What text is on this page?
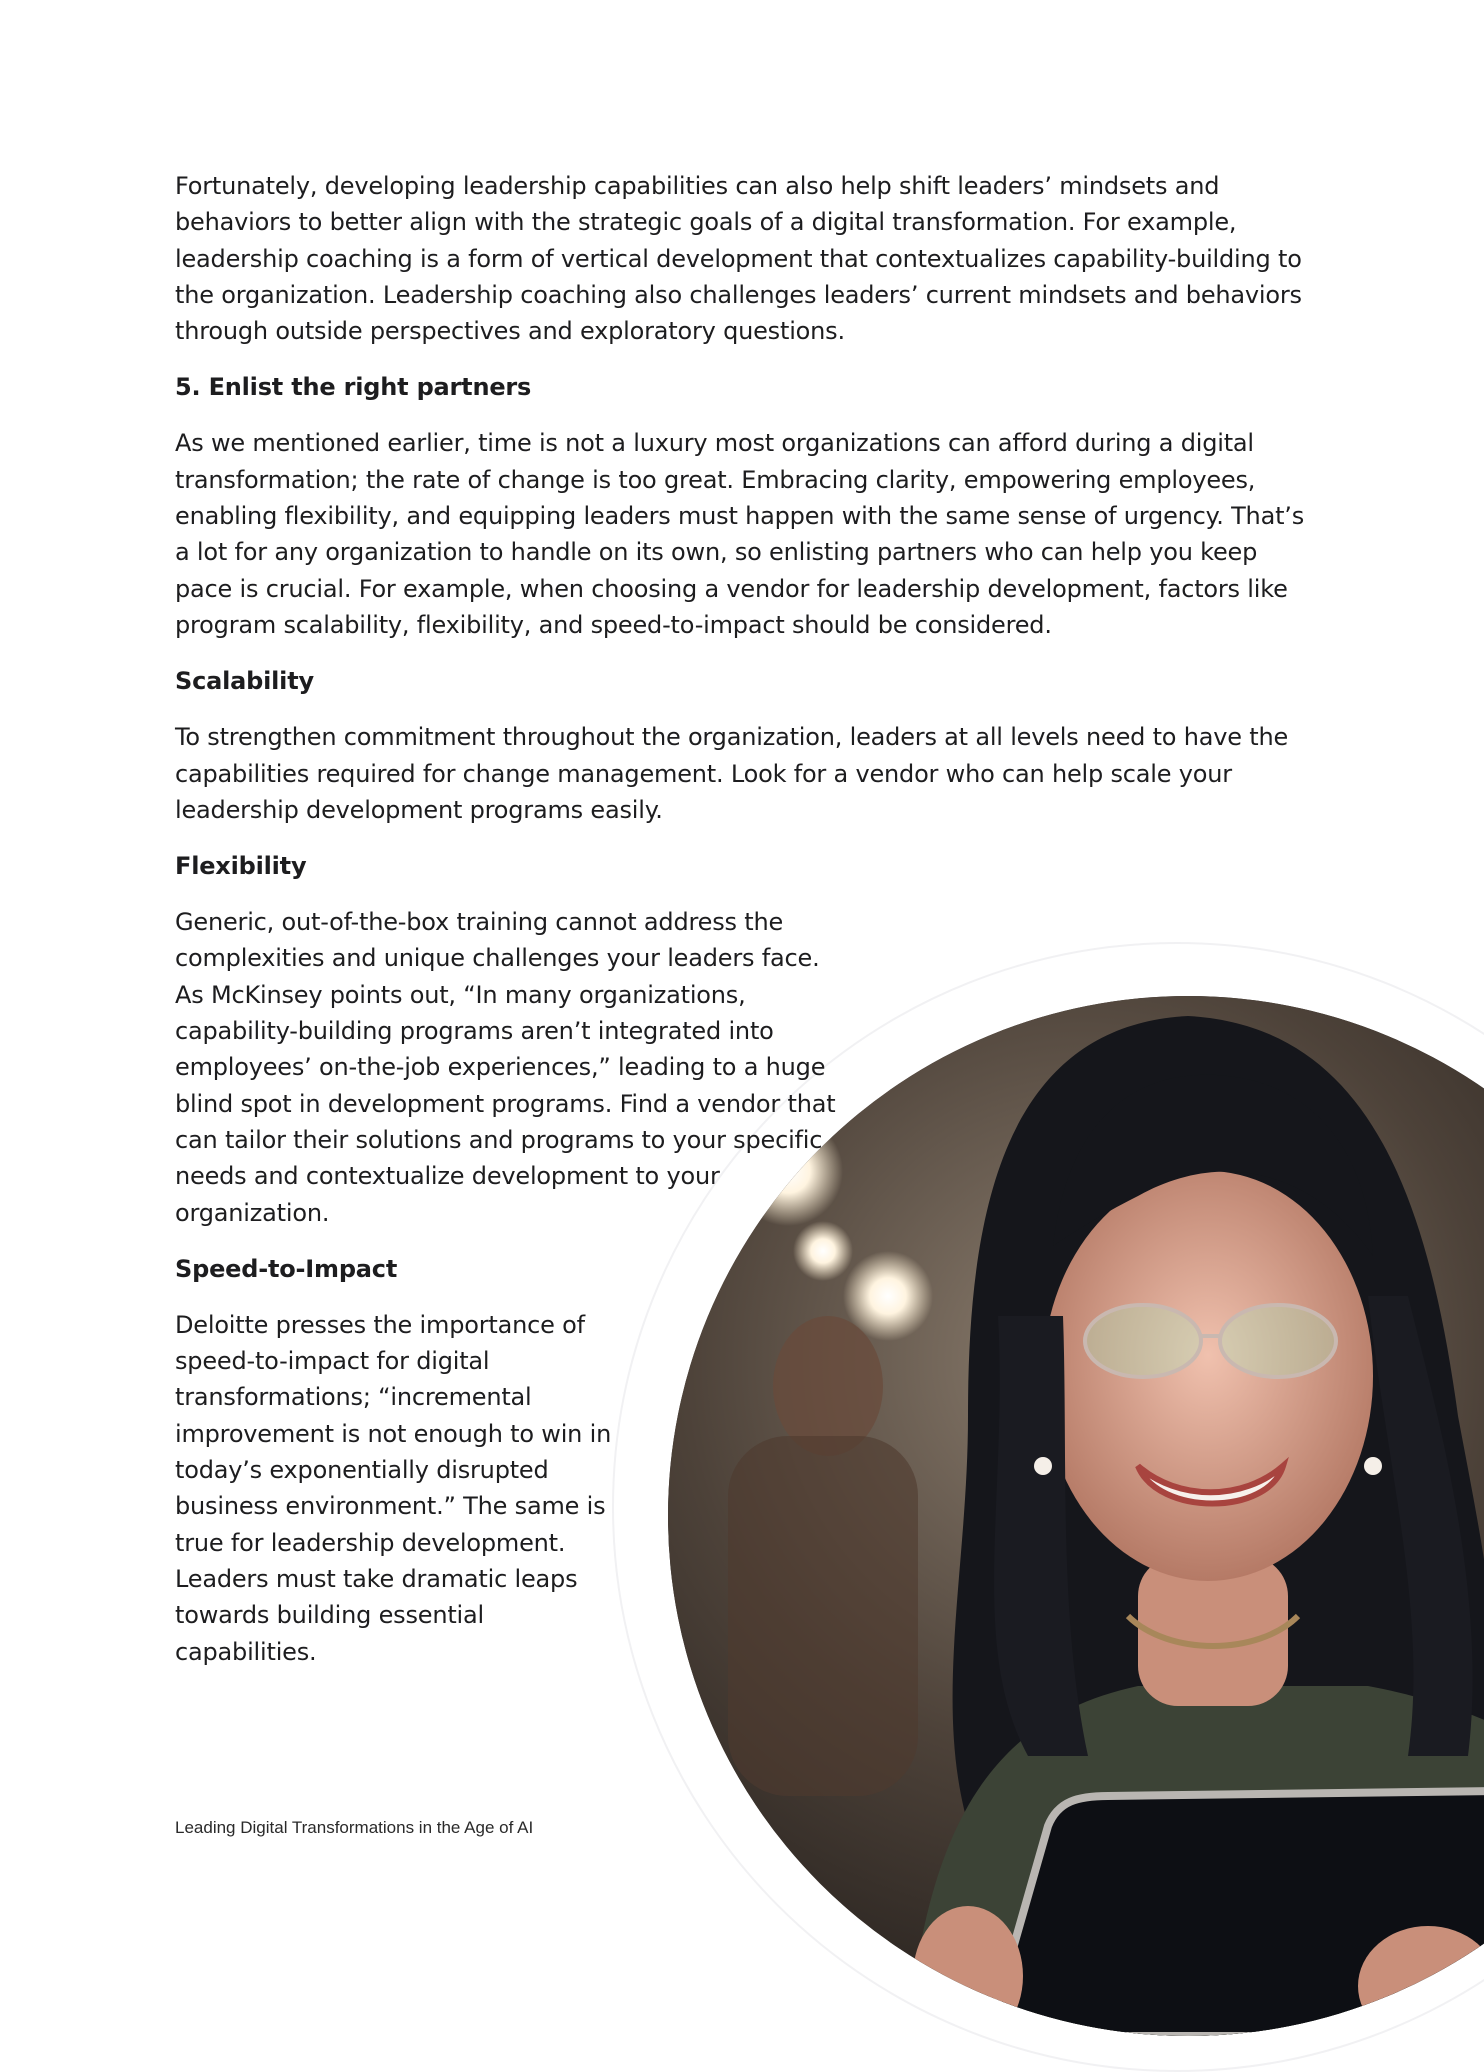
Fortunately, developing leadership capabilities can also help shift leaders’ mindsets and behaviors to better align with the strategic goals of a digital transformation. For example, leadership coaching is a form of vertical development that contextualizes capability-building to the organization. Leadership coaching also challenges leaders’ current mindsets and behaviors through outside perspectives and exploratory questions.

5. Enlist the right partners

As we mentioned earlier, time is not a luxury most organizations can afford during a digital transformation; the rate of change is too great. Embracing clarity, empowering employees, enabling flexibility, and equipping leaders must happen with the same sense of urgency. That’s a lot for any organization to handle on its own, so enlisting partners who can help you keep pace is crucial. For example, when choosing a vendor for leadership development, factors like program scalability, flexibility, and speed-to-impact should be considered.

Scalability

To strengthen commitment throughout the organization, leaders at all levels need to have the capabilities required for change management. Look for a vendor who can help scale your leadership development programs easily.

Flexibility

Generic, out-of-the-box training cannot address the complexities and unique challenges your leaders face. As McKinsey points out, “In many organizations, capability-building programs aren’t integrated into employees’ on-the-job experiences,” leading to a huge blind spot in development programs. Find a vendor that can tailor their solutions and programs to your specific needs and contextualize development to your organization.

Speed-to-Impact

Deloitte presses the importance of speed-to-impact for digital transformations; “incremental improvement is not enough to win in today’s exponentially disrupted business environment.” The same is true for leadership development. Leaders must take dramatic leaps towards building essential capabilities.

Leading Digital Transformations in the Age of AI
